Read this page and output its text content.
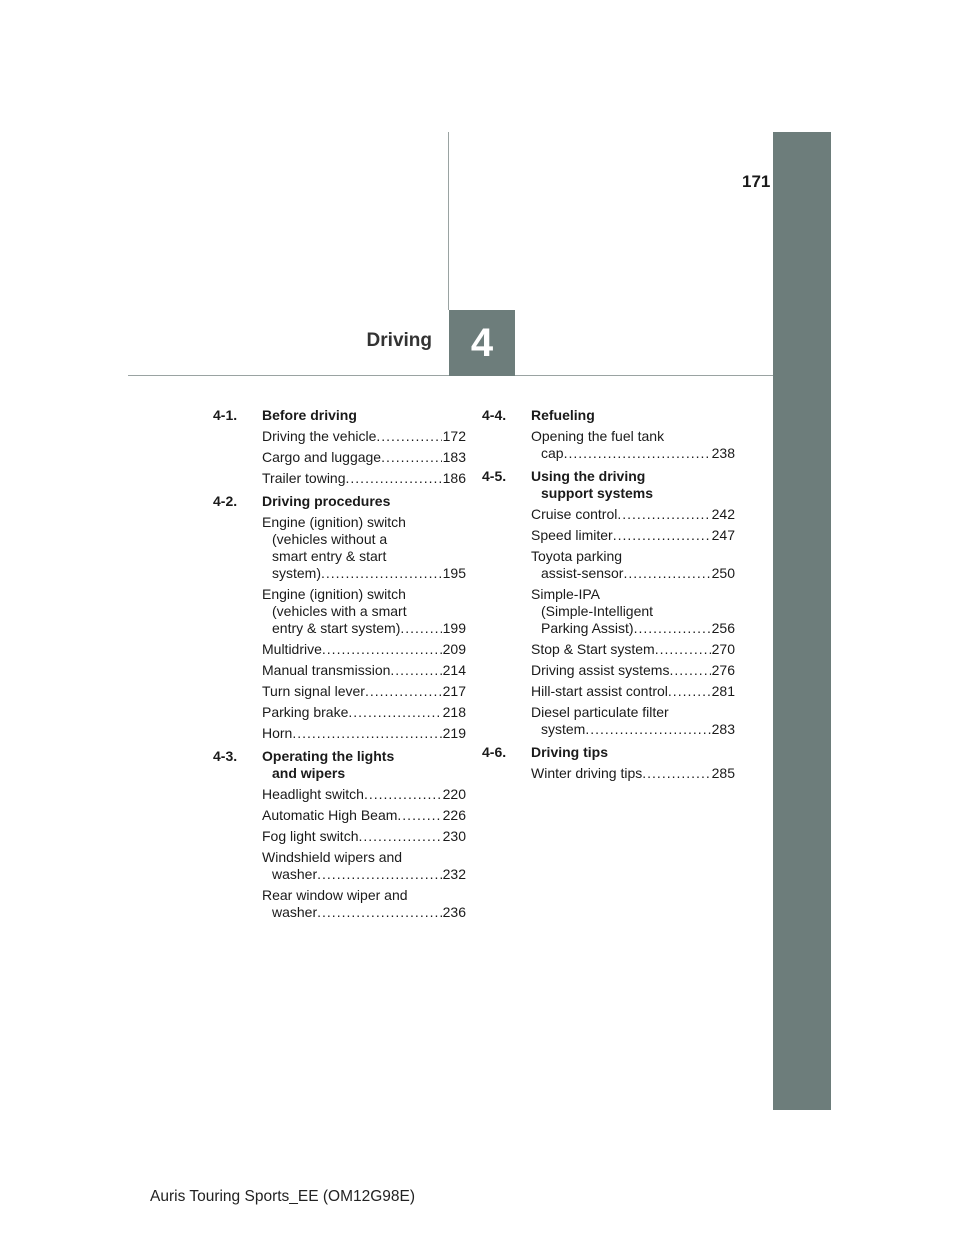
171
Driving 4
4-1. Before driving
Driving the vehicle .....	172
Cargo and luggage .....	183
Trailer towing .....	186
4-2. Driving procedures
Engine (ignition) switch
(vehicles without a
smart entry & start
system) .....	195
Engine (ignition) switch
(vehicles with a smart
entry & start system) .....	199
Multidrive .....	209
Manual transmission .....	214
Turn signal lever .....	217
Parking brake .....	218
Horn .....	219
4-3. Operating the lights
and wipers
Headlight switch .....	220
Automatic High Beam .....	226
Fog light switch .....	230
Windshield wipers and
washer .....	232
Rear window wiper and
washer .....	236
4-4. Refueling
Opening the fuel tank
cap .....	238
4-5. Using the driving
support systems
Cruise control .....	242
Speed limiter .....	247
Toyota parking
assist-sensor .....	250
Simple-IPA
(Simple-Intelligent
Parking Assist) .....	256
Stop & Start system .....	270
Driving assist systems .....	276
Hill-start assist control .....	281
Diesel particulate filter
system .....	283
4-6. Driving tips
Winter driving tips .....	285
Auris Touring Sports_EE (OM12G98E)
